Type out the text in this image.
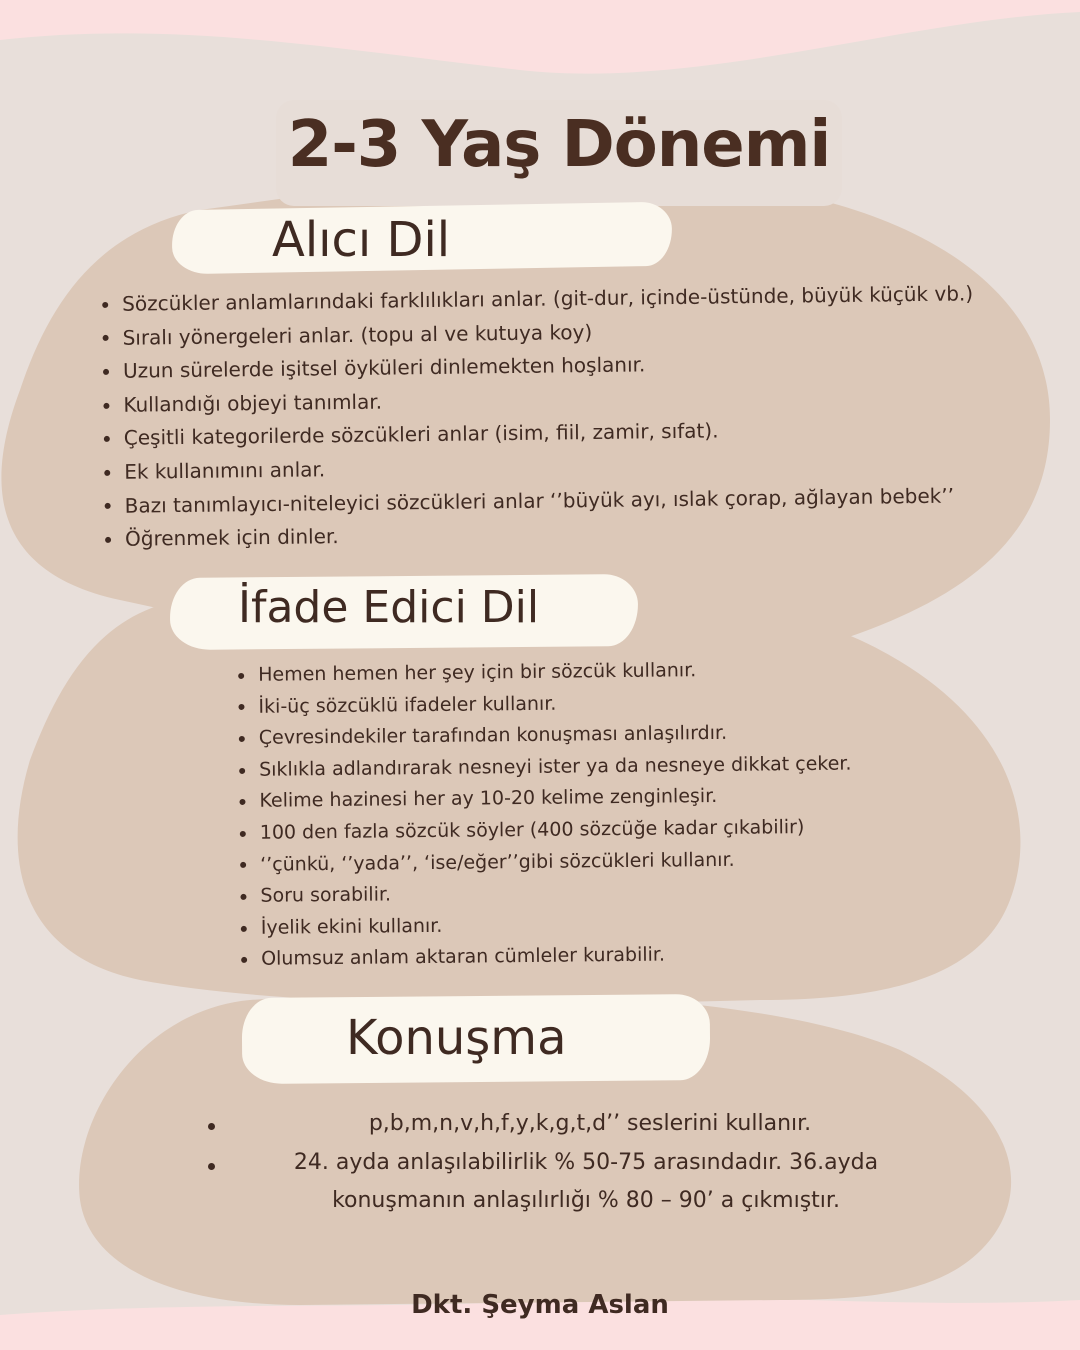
2-3 Yaş Dönemi
Alıcı Dil
Sözcükler anlamlarındaki farklılıkları anlar. (git-dur, içinde-üstünde, büyük küçük vb.)
Sıralı yönergeleri anlar. (topu al ve kutuya koy)
Uzun sürelerde işitsel öyküleri dinlemekten hoşlanır.
Kullandığı objeyi tanımlar.
Çeşitli kategorilerde sözcükleri anlar (isim, fiil, zamir, sıfat).
Ek kullanımını anlar.
Bazı tanımlayıcı-niteleyici sözcükleri anlar ‘’büyük ayı, ıslak çorap, ağlayan bebek’’
Öğrenmek için dinler.
İfade Edici Dil
Hemen hemen her şey için bir sözcük kullanır.
İki-üç sözcüklü ifadeler kullanır.
Çevresindekiler tarafından konuşması anlaşılırdır.
Sıklıkla adlandırarak nesneyi ister ya da nesneye dikkat çeker.
Kelime hazinesi her ay 10-20 kelime zenginleşir.
100 den fazla sözcük söyler (400 sözcüğe kadar çıkabilir)
‘’çünkü, ‘’yada’’, ‘ise/eğer’’gibi sözcükleri kullanır.
Soru sorabilir.
İyelik ekini kullanır.
Olumsuz anlam aktaran cümleler kurabilir.
Konuşma
p,b,m,n,v,h,f,y,k,g,t,d’’ seslerini kullanır.
24. ayda anlaşılabilirlik % 50-75 arasındadır. 36.ayda
konuşmanın anlaşılırlığı % 80 – 90’ a çıkmıştır.
Dkt. Şeyma Aslan
